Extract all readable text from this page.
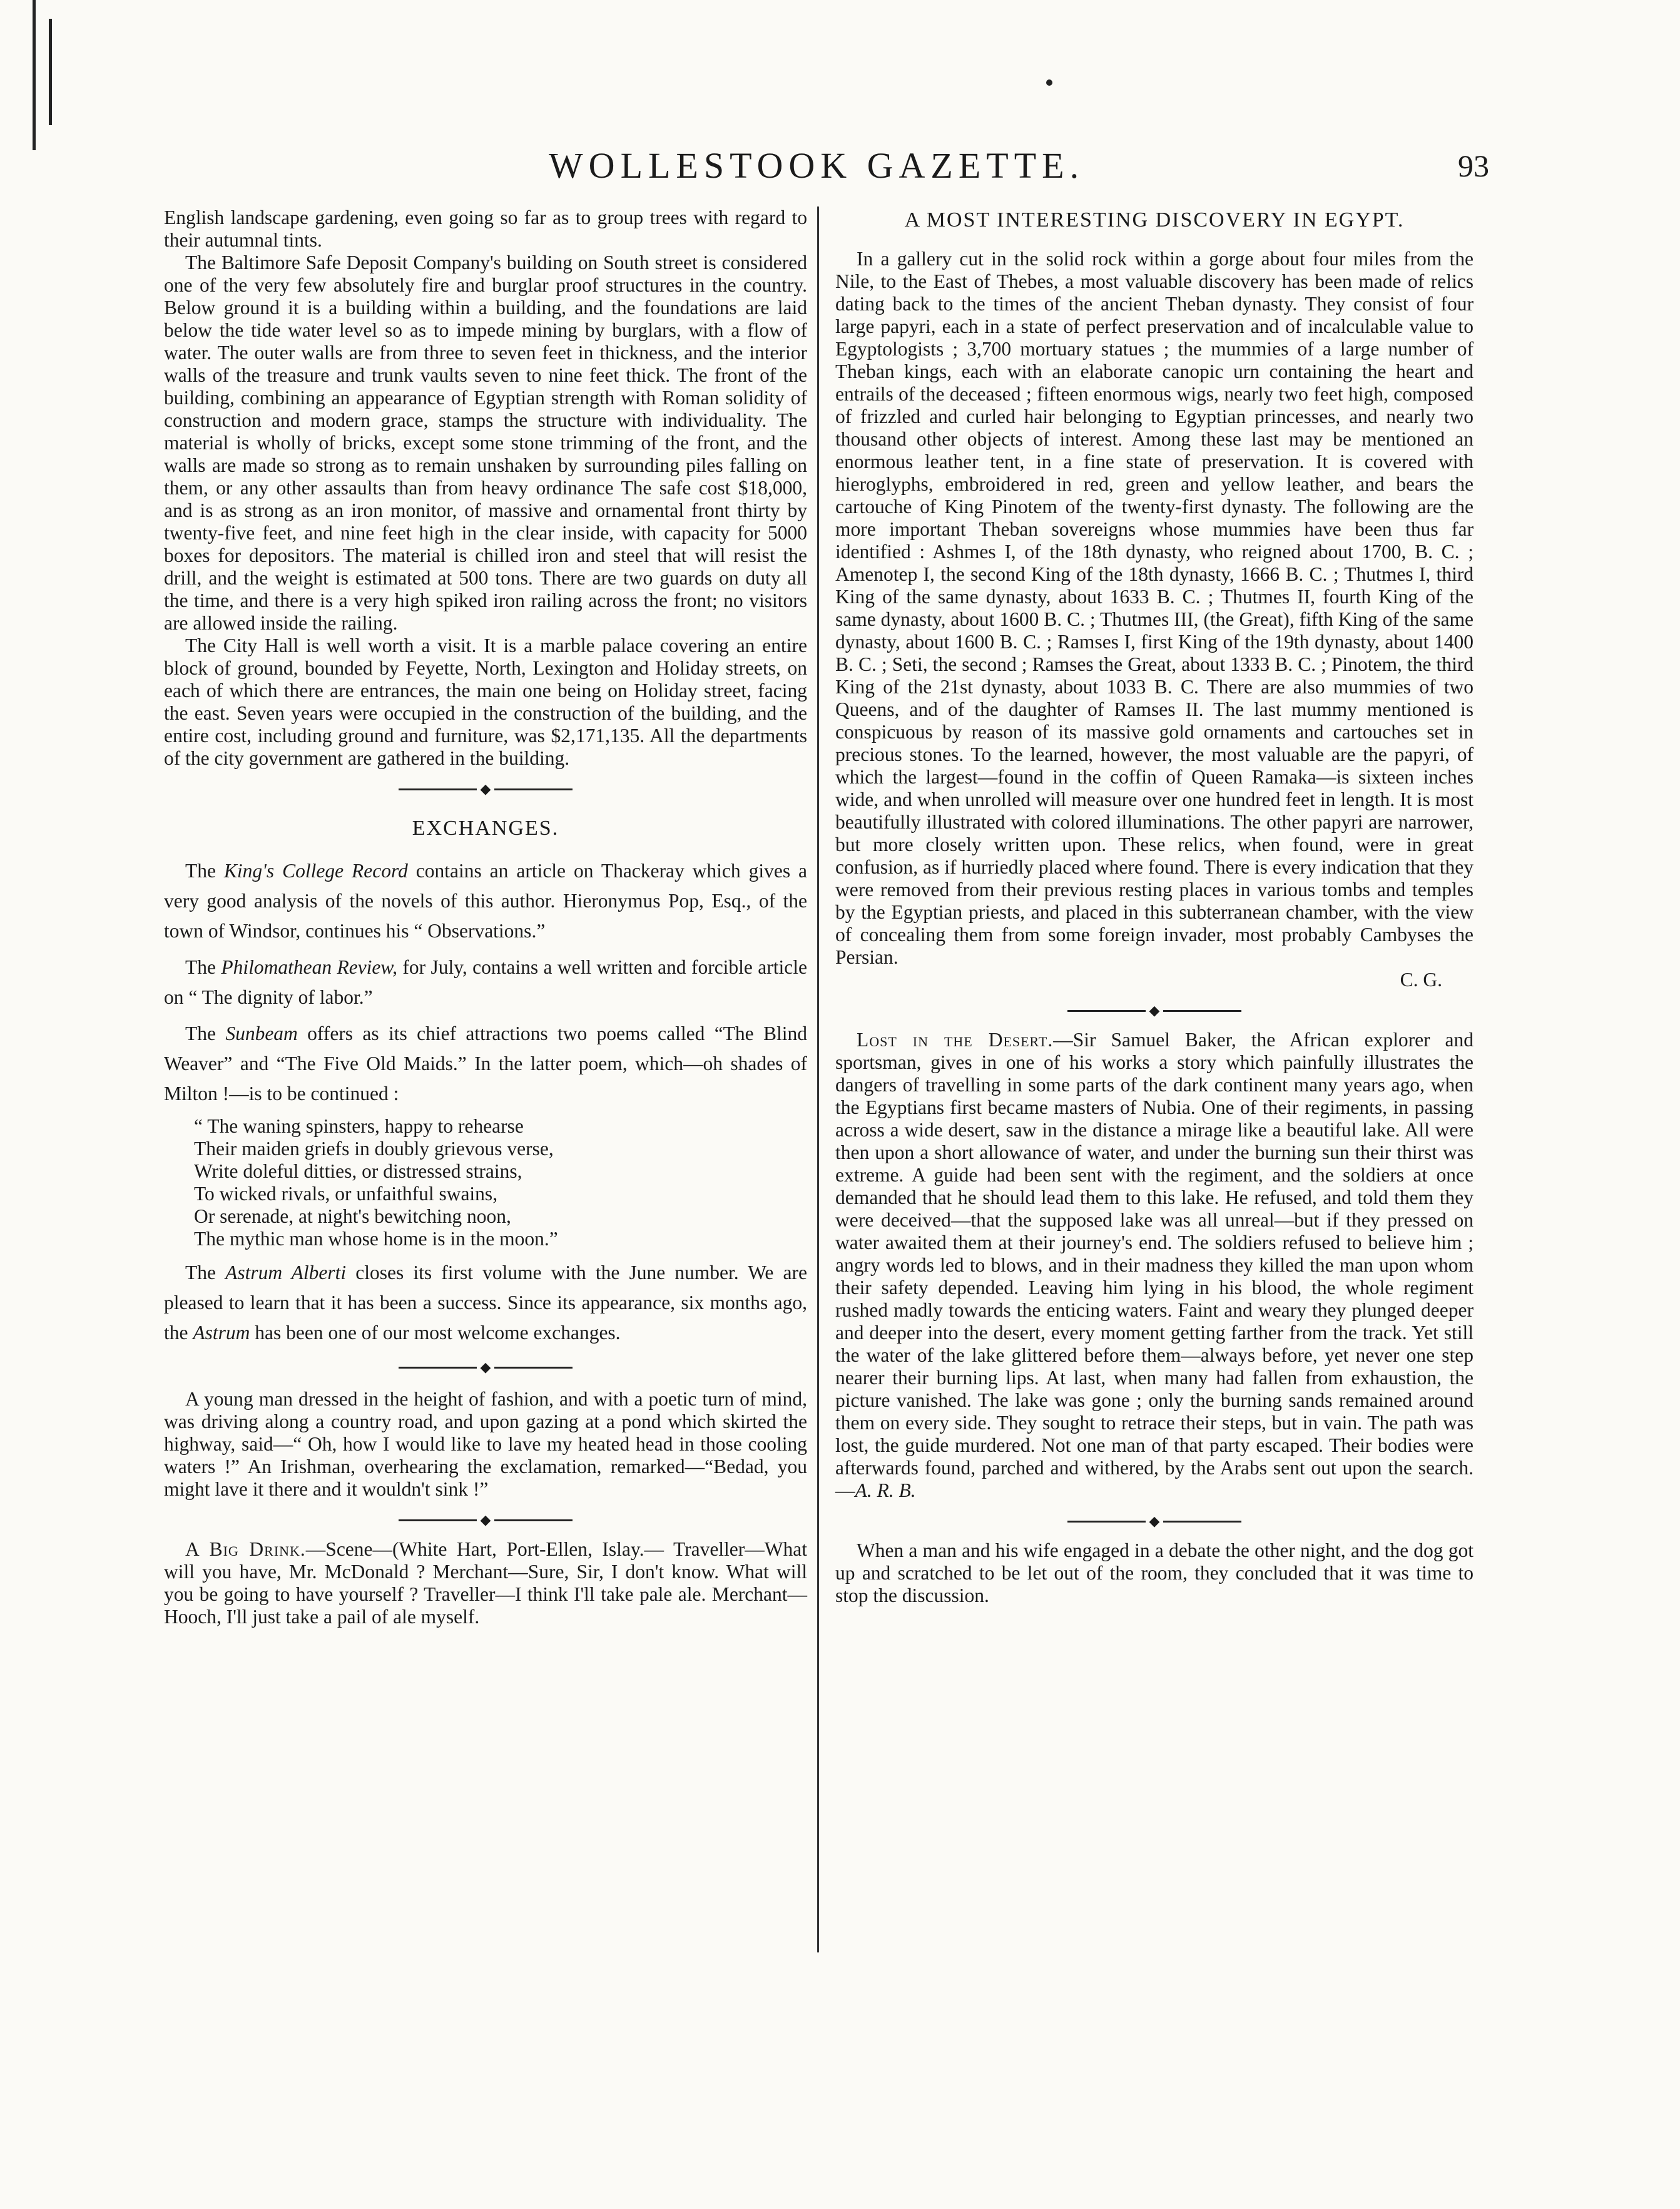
WOLLESTOOK GAZETTE.	93

English landscape gardening, even going so far as to group trees with regard to their autumnal tints.

The Baltimore Safe Deposit Company's building on South street is considered one of the very few absolutely fire and burglar proof structures in the country. Below ground it is a building within a building, and the foundations are laid below the tide water level so as to impede mining by burglars, with a flow of water. The outer walls are from three to seven feet in thickness, and the interior walls of the treasure and trunk vaults seven to nine feet thick. The front of the building, combining an appearance of Egyptian strength with Roman solidity of construction and modern grace, stamps the structure with individuality. The material is wholly of bricks, except some stone trimming of the front, and the walls are made so strong as to remain unshaken by surrounding piles falling on them, or any other assaults than from heavy ordinance The safe cost $18,000, and is as strong as an iron monitor, of massive and ornamental front thirty by twenty-five feet, and nine feet high in the clear inside, with capacity for 5000 boxes for depositors. The material is chilled iron and steel that will resist the drill, and the weight is estimated at 500 tons. There are two guards on duty all the time, and there is a very high spiked iron railing across the front; no visitors are allowed inside the railing.

The City Hall is well worth a visit. It is a marble palace covering an entire block of ground, bounded by Feyette, North, Lexington and Holiday streets, on each of which there are entrances, the main one being on Holiday street, facing the east. Seven years were occupied in the construction of the building, and the entire cost, including ground and furniture, was $2,171,135. All the departments of the city government are gathered in the building.

◆
EXCHANGES.

The King's College Record contains an article on Thackeray which gives a very good analysis of the novels of this author. Hieronymus Pop, Esq., of the town of Windsor, continues his “ Observations.”

The Philomathean Review, for July, contains a well written and forcible article on “ The dignity of labor.”

The Sunbeam offers as its chief attractions two poems called “The Blind Weaver” and “The Five Old Maids.” In the latter poem, which—oh shades of Milton !—is to be continued :

“ The waning spinsters, happy to rehearse
Their maiden griefs in doubly grievous verse,
Write doleful ditties, or distressed strains,
To wicked rivals, or unfaithful swains,
Or serenade, at night's bewitching noon,
The mythic man whose home is in the moon.”

The Astrum Alberti closes its first volume with the June number. We are pleased to learn that it has been a success. Since its appearance, six months ago, the Astrum has been one of our most welcome exchanges.

◆

A young man dressed in the height of fashion, and with a poetic turn of mind, was driving along a country road, and upon gazing at a pond which skirted the highway, said—“ Oh, how I would like to lave my heated head in those cooling waters !” An Irishman, overhearing the exclamation, remarked—“Bedad, you might lave it there and it wouldn't sink !”

◆

A Big Drink.—Scene—(White Hart, Port-Ellen, Islay.— Traveller—What will you have, Mr. McDonald ? Merchant—Sure, Sir, I don't know. What will you be going to have yourself ? Traveller—I think I'll take pale ale. Merchant—Hooch, I'll just take a pail of ale myself.

A MOST INTERESTING DISCOVERY IN EGYPT.

In a gallery cut in the solid rock within a gorge about four miles from the Nile, to the East of Thebes, a most valuable discovery has been made of relics dating back to the times of the ancient Theban dynasty. They consist of four large papyri, each in a state of perfect preservation and of incalculable value to Egyptologists ; 3,700 mortuary statues ; the mummies of a large number of Theban kings, each with an elaborate canopic urn containing the heart and entrails of the deceased ; fifteen enormous wigs, nearly two feet high, composed of frizzled and curled hair belonging to Egyptian princesses, and nearly two thousand other objects of interest. Among these last may be mentioned an enormous leather tent, in a fine state of preservation. It is covered with hieroglyphs, embroidered in red, green and yellow leather, and bears the cartouche of King Pinotem of the twenty-first dynasty. The following are the more important Theban sovereigns whose mummies have been thus far identified : Ashmes I, of the 18th dynasty, who reigned about 1700, B. C. ; Amenotep I, the second King of the 18th dynasty, 1666 B. C. ; Thutmes I, third King of the same dynasty, about 1633 B. C. ; Thutmes II, fourth King of the same dynasty, about 1600 B. C. ; Thutmes III, (the Great), fifth King of the same dynasty, about 1600 B. C. ; Ramses I, first King of the 19th dynasty, about 1400 B. C. ; Seti, the second ; Ramses the Great, about 1333 B. C. ; Pinotem, the third King of the 21st dynasty, about 1033 B. C. There are also mummies of two Queens, and of the daughter of Ramses II. The last mummy mentioned is conspicuous by reason of its massive gold ornaments and cartouches set in precious stones. To the learned, however, the most valuable are the papyri, of which the largest—found in the coffin of Queen Ramaka—is sixteen inches wide, and when unrolled will measure over one hundred feet in length. It is most beautifully illustrated with colored illuminations. The other papyri are narrower, but more closely written upon. These relics, when found, were in great confusion, as if hurriedly placed where found. There is every indication that they were removed from their previous resting places in various tombs and temples by the Egyptian priests, and placed in this subterranean chamber, with the view of concealing them from some foreign invader, most probably Cambyses the Persian.

C. G.
◆

Lost in the Desert.—Sir Samuel Baker, the African explorer and sportsman, gives in one of his works a story which painfully illustrates the dangers of travelling in some parts of the dark continent many years ago, when the Egyptians first became masters of Nubia. One of their regiments, in passing across a wide desert, saw in the distance a mirage like a beautiful lake. All were then upon a short allowance of water, and under the burning sun their thirst was extreme. A guide had been sent with the regiment, and the soldiers at once demanded that he should lead them to this lake. He refused, and told them they were deceived—that the supposed lake was all unreal—but if they pressed on water awaited them at their journey's end. The soldiers refused to believe him ; angry words led to blows, and in their madness they killed the man upon whom their safety depended. Leaving him lying in his blood, the whole regiment rushed madly towards the enticing waters. Faint and weary they plunged deeper and deeper into the desert, every moment getting farther from the track. Yet still the water of the lake glittered before them—always before, yet never one step nearer their burning lips. At last, when many had fallen from exhaustion, the picture vanished. The lake was gone ; only the burning sands remained around them on every side. They sought to retrace their steps, but in vain. The path was lost, the guide murdered. Not one man of that party escaped. Their bodies were afterwards found, parched and withered, by the Arabs sent out upon the search.—A. R. B.

◆

When a man and his wife engaged in a debate the other night, and the dog got up and scratched to be let out of the room, they concluded that it was time to stop the discussion.
